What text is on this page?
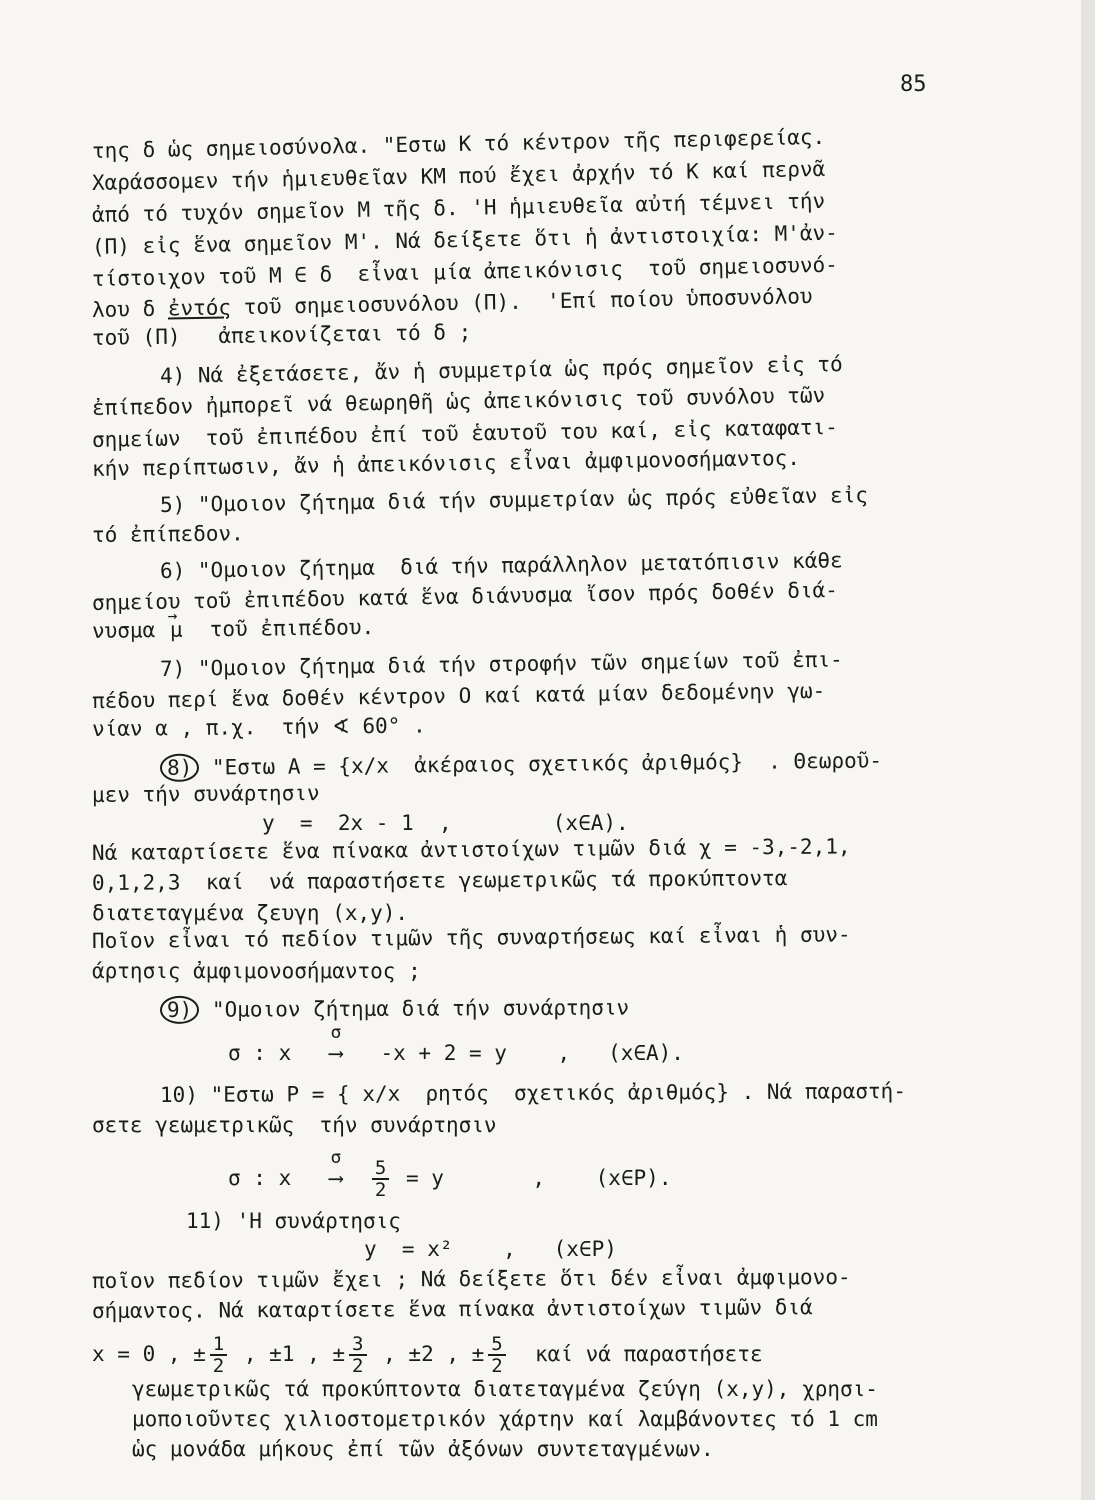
85
της δ ὡς σημειοσύνολα. "Εστω Κ τό κέντρον τῆς περιφερείας.
Χαράσσομεν τήν ἡμιευθεῖαν ΚΜ πού ἔχει ἀρχήν τό Κ καί περνᾶ
ἀπό τό τυχόν σημεῖον Μ τῆς δ. 'Η ἡμιευθεῖα αὐτή τέμνει τήν
(Π) εἰς ἕνα σημεῖον Μ'. Νά δείξετε ὅτι ἡ ἀντιστοιχία: Μ'ἀν-
τίστοιχον τοῦ Μ ∈ δ  εἶναι μία ἀπεικόνισις  τοῦ σημειοσυνό-
λου δ ἐντός τοῦ σημειοσυνόλου (Π).  'Επί ποίου ὑποσυνόλου
τοῦ (Π)   ἀπεικονίζεται τό δ ;
4) Νά ἐξετάσετε, ἄν ἡ συμμετρία ὡς πρός σημεῖον εἰς τό
ἐπίπεδον ἠμπορεῖ νά θεωρηθῆ ὡς ἀπεικόνισις τοῦ συνόλου τῶν
σημείων  τοῦ ἐπιπέδου ἐπί τοῦ ἑαυτοῦ του καί, εἰς καταφατι-
κήν περίπτωσιν, ἄν ἡ ἀπεικόνισις εἶναι ἀμφιμονοσήμαντος.
5) "Ομοιον ζήτημα διά τήν συμμετρίαν ὡς πρός εὐθεῖαν εἰς
τό ἐπίπεδον.
6) "Ομοιον ζήτημα  διά τήν παράλληλον μετατόπισιν κάθε
σημείου τοῦ ἐπιπέδου κατά ἕνα διάνυσμα ἴσον πρός δοθέν διά-
νυσμα → μ  τοῦ ἐπιπέδου.
7) "Ομοιον ζήτημα διά τήν στροφήν τῶν σημείων τοῦ ἐπι-
πέδου περί ἕνα δοθέν κέντρον Ο καί κατά μίαν δεδομένην γω-
νίαν α , π.χ.  τήν ∢ 60° .
8) "Εστω Α = {x/x  ἀκέραιος σχετικός ἀριθμός}  . Θεωροῦ-
μεν τήν συνάρτησιν
y  =  2x - 1  ,        (x∈A).
Νά καταρτίσετε ἕνα πίνακα ἀντιστοίχων τιμῶν διά χ = -3,-2,1,
0,1,2,3  καί  νά παραστήσετε γεωμετρικῶς τά προκύπτοντα
διατεταγμένα ζευγη (x,y).
Ποῖον εἶναι τό πεδίον τιμῶν τῆς συναρτήσεως καί εἶναι ἡ συν-
άρτησις ἀμφιμονοσήμαντος ;
9) "Ομοιον ζήτημα διά τήν συνάρτησιν
σ : x
σ
⟶ -x + 2 = y    ,   (x∈A).
10) "Εστω Ρ = { x/x  ρητός  σχετικός ἀριθμός} . Νά παραστή-
σετε γεωμετρικῶς  τήν συνάρτησιν
σ : x
σ
⟶ $\frac{5}{2} = y$       ,    (x∈P).
11) 'Η συνάρτησις
y  = x²    ,   (x∈P)
ποῖον πεδίον τιμῶν ἔχει ; Νά δείξετε ὅτι δέν εἶναι ἀμφιμονο-
σήμαντος. Νά καταρτίσετε ἕνα πίνακα ἀντιστοίχων τιμῶν διά
x = 0 , ± $\frac{1}{2}$ , ±1 , ± $\frac{3}{2}$ , ±2 , ± $\frac{5}{2}$ καί νά παραστήσετε
γεωμετρικῶς τά προκύπτοντα διατεταγμένα ζεύγη (x,y), χρησι-
μοποιοῦντες χιλιοστομετρικόν χάρτην καί λαμβάνοντες τό 1 cm
ὡς μονάδα μήκους ἐπί τῶν ἀξόνων συντεταγμένων.
